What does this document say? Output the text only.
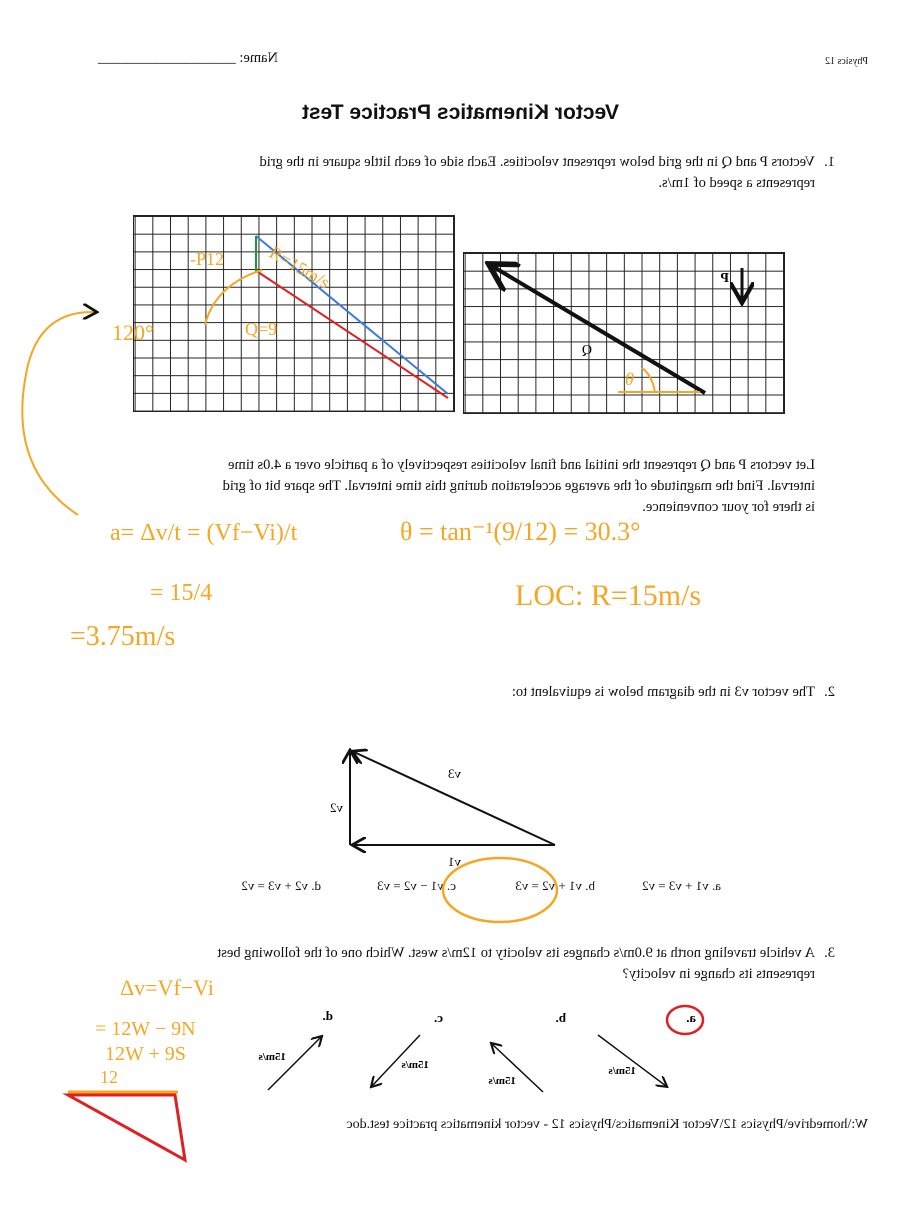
Physics 12
Name: ___________________
Vector Kinematics Practice Test
1.
Vectors P and Q in the grid below represent velocities. Each side of each little square in the grid
represents a speed of 1m/s.
Let vectors P and Q represent the initial and final velocities respectively of a particle over a 4.0s time
interval. Find the magnitude of the average acceleration during this time interval. The spare bit of grid
is there for your convenience.
2.
The vector v3 in the diagram below is equivalent to:
a. v1 + v3 = v2
b. v1 + v2 = v3
c. v1 − v2 = v3
d. v2 + v3 = v2
3.
A vehicle traveling north at 9.0m/s changes its velocity to 12m/s west. Which one of the following best
represents its change in velocity?
W:\homedrive\Physics 12\Vector Kinematics\Physics 12 - vector kinematics practice test.doc
P
Q
θ
R=15m/s
Q=9
-P12
120°
a= Δv/t = (Vf−Vi)/t
= 15/4
=3.75m/s
θ = tan⁻¹(9/12) = 30.3°
LOC: R=15m/s
v3
v2
v1
a.
b.
c.
d.
15m/s
15m/s
15m/s
15m/s
Δv=Vf−Vi
= 12W − 9N
12W + 9S
12
